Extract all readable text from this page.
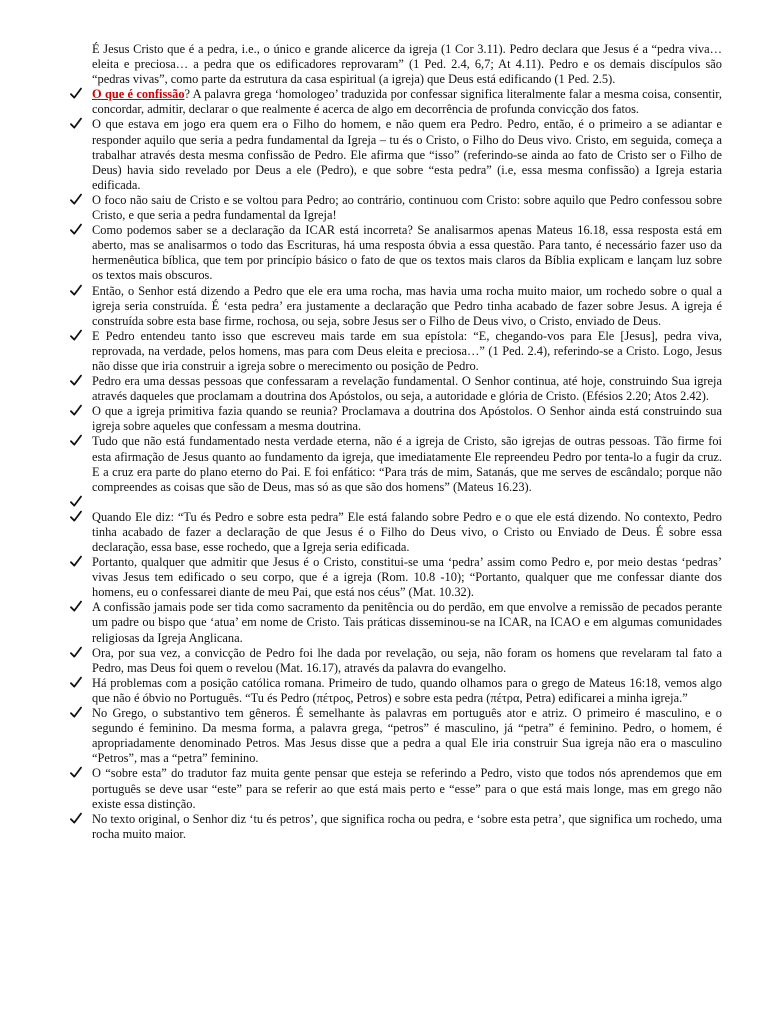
É Jesus Cristo que é a pedra, i.e., o único e grande alicerce da igreja (1 Cor 3.11). Pedro declara que Jesus é a “pedra viva… eleita e preciosa… a pedra que os edificadores reprovaram” (1 Ped. 2.4, 6,7; At 4.11). Pedro e os demais discípulos são “pedras vivas”, como parte da estrutura da casa espiritual (a igreja) que Deus está edificando (1 Ped. 2.5).

O que é confissão? A palavra grega ‘homologeo’ traduzida por confessar significa literalmente falar a mesma coisa, consentir, concordar, admitir, declarar o que realmente é acerca de algo em decorrência de profunda convicção dos fatos.
O que estava em jogo era quem era o Filho do homem, e não quem era Pedro. Pedro, então, é o primeiro a se adiantar e responder aquilo que seria a pedra fundamental da Igreja – tu és o Cristo, o Filho do Deus vivo. Cristo, em seguida, começa a trabalhar através desta mesma confissão de Pedro. Ele afirma que “isso” (referindo-se ainda ao fato de Cristo ser o Filho de Deus) havia sido revelado por Deus a ele (Pedro), e que sobre “esta pedra” (i.e, essa mesma confissão) a Igreja estaria edificada.
O foco não saiu de Cristo e se voltou para Pedro; ao contrário, continuou com Cristo: sobre aquilo que Pedro confessou sobre Cristo, e que seria a pedra fundamental da Igreja!
Como podemos saber se a declaração da ICAR está incorreta? Se analisarmos apenas Mateus 16.18, essa resposta está em aberto, mas se analisarmos o todo das Escrituras, há uma resposta óbvia a essa questão. Para tanto, é necessário fazer uso da hermenêutica bíblica, que tem por princípio básico o fato de que os textos mais claros da Bíblia explicam e lançam luz sobre os textos mais obscuros.
Então, o Senhor está dizendo a Pedro que ele era uma rocha, mas havia uma rocha muito maior, um rochedo sobre o qual a igreja seria construída. É ‘esta pedra’ era justamente a declaração que Pedro tinha acabado de fazer sobre Jesus. A igreja é construída sobre esta base firme, rochosa, ou seja, sobre Jesus ser o Filho de Deus vivo, o Cristo, enviado de Deus.
E Pedro entendeu tanto isso que escreveu mais tarde em sua epístola: “E, chegando-vos para Ele [Jesus], pedra viva, reprovada, na verdade, pelos homens, mas para com Deus eleita e preciosa…” (1 Ped. 2.4), referindo-se a Cristo. Logo, Jesus não disse que iria construir a igreja sobre o merecimento ou posição de Pedro.
Pedro era uma dessas pessoas que confessaram a revelação fundamental. O Senhor continua, até hoje, construindo Sua igreja através daqueles que proclamam a doutrina dos Apóstolos, ou seja, a autoridade e glória de Cristo. (Efésios 2.20; Atos 2.42).
O que a igreja primitiva fazia quando se reunia? Proclamava a doutrina dos Apóstolos. O Senhor ainda está construindo sua igreja sobre aqueles que confessam a mesma doutrina.
Tudo que não está fundamentado nesta verdade eterna, não é a igreja de Cristo, são igrejas de outras pessoas. Tão firme foi esta afirmação de Jesus quanto ao fundamento da igreja, que imediatamente Ele repreendeu Pedro por tenta-lo a fugir da cruz. E a cruz era parte do plano eterno do Pai. E foi enfático: “Para trás de mim, Satanás, que me serves de escândalo; porque não compreendes as coisas que são de Deus, mas só as que são dos homens” (Mateus 16.23).
Quando Ele diz: “Tu és Pedro e sobre esta pedra” Ele está falando sobre Pedro e o que ele está dizendo. No contexto, Pedro tinha acabado de fazer a declaração de que Jesus é o Filho do Deus vivo, o Cristo ou Enviado de Deus. É sobre essa declaração, essa base, esse rochedo, que a Igreja seria edificada.
Portanto, qualquer que admitir que Jesus é o Cristo, constitui-se uma ‘pedra’ assim como Pedro e, por meio destas ‘pedras’ vivas Jesus tem edificado o seu corpo, que é a igreja (Rom. 10.8 -10); “Portanto, qualquer que me confessar diante dos homens, eu o confessarei diante de meu Pai, que está nos céus” (Mat. 10.32).
A confissão jamais pode ser tida como sacramento da penitência ou do perdão, em que envolve a remissão de pecados perante um padre ou bispo que ‘atua’ em nome de Cristo. Tais práticas disseminou-se na ICAR, na ICAO e em algumas comunidades religiosas da Igreja Anglicana.
Ora, por sua vez, a convicção de Pedro foi lhe dada por revelação, ou seja, não foram os homens que revelaram tal fato a Pedro, mas Deus foi quem o revelou (Mat. 16.17), através da palavra do evangelho.
Há problemas com a posição católica romana. Primeiro de tudo, quando olhamos para o grego de Mateus 16:18, vemos algo que não é óbvio no Português. “Tu és Pedro (πέτρος, Petros) e sobre esta pedra (πέτρα, Petra) edificarei a minha igreja.”
No Grego, o substantivo tem gêneros. É semelhante às palavras em português ator e atriz. O primeiro é masculino, e o segundo é feminino. Da mesma forma, a palavra grega, “petros” é masculino, já “petra” é feminino. Pedro, o homem, é apropriadamente denominado Petros. Mas Jesus disse que a pedra a qual Ele iria construir Sua igreja não era o masculino “Petros”, mas a “petra” feminino.
O “sobre esta” do tradutor faz muita gente pensar que esteja se referindo a Pedro, visto que todos nós aprendemos que em português se deve usar “este” para se referir ao que está mais perto e “esse” para o que está mais longe, mas em grego não existe essa distinção.
No texto original, o Senhor diz ‘tu és petros’, que significa rocha ou pedra, e ‘sobre esta petra’, que significa um rochedo, uma rocha muito maior.
